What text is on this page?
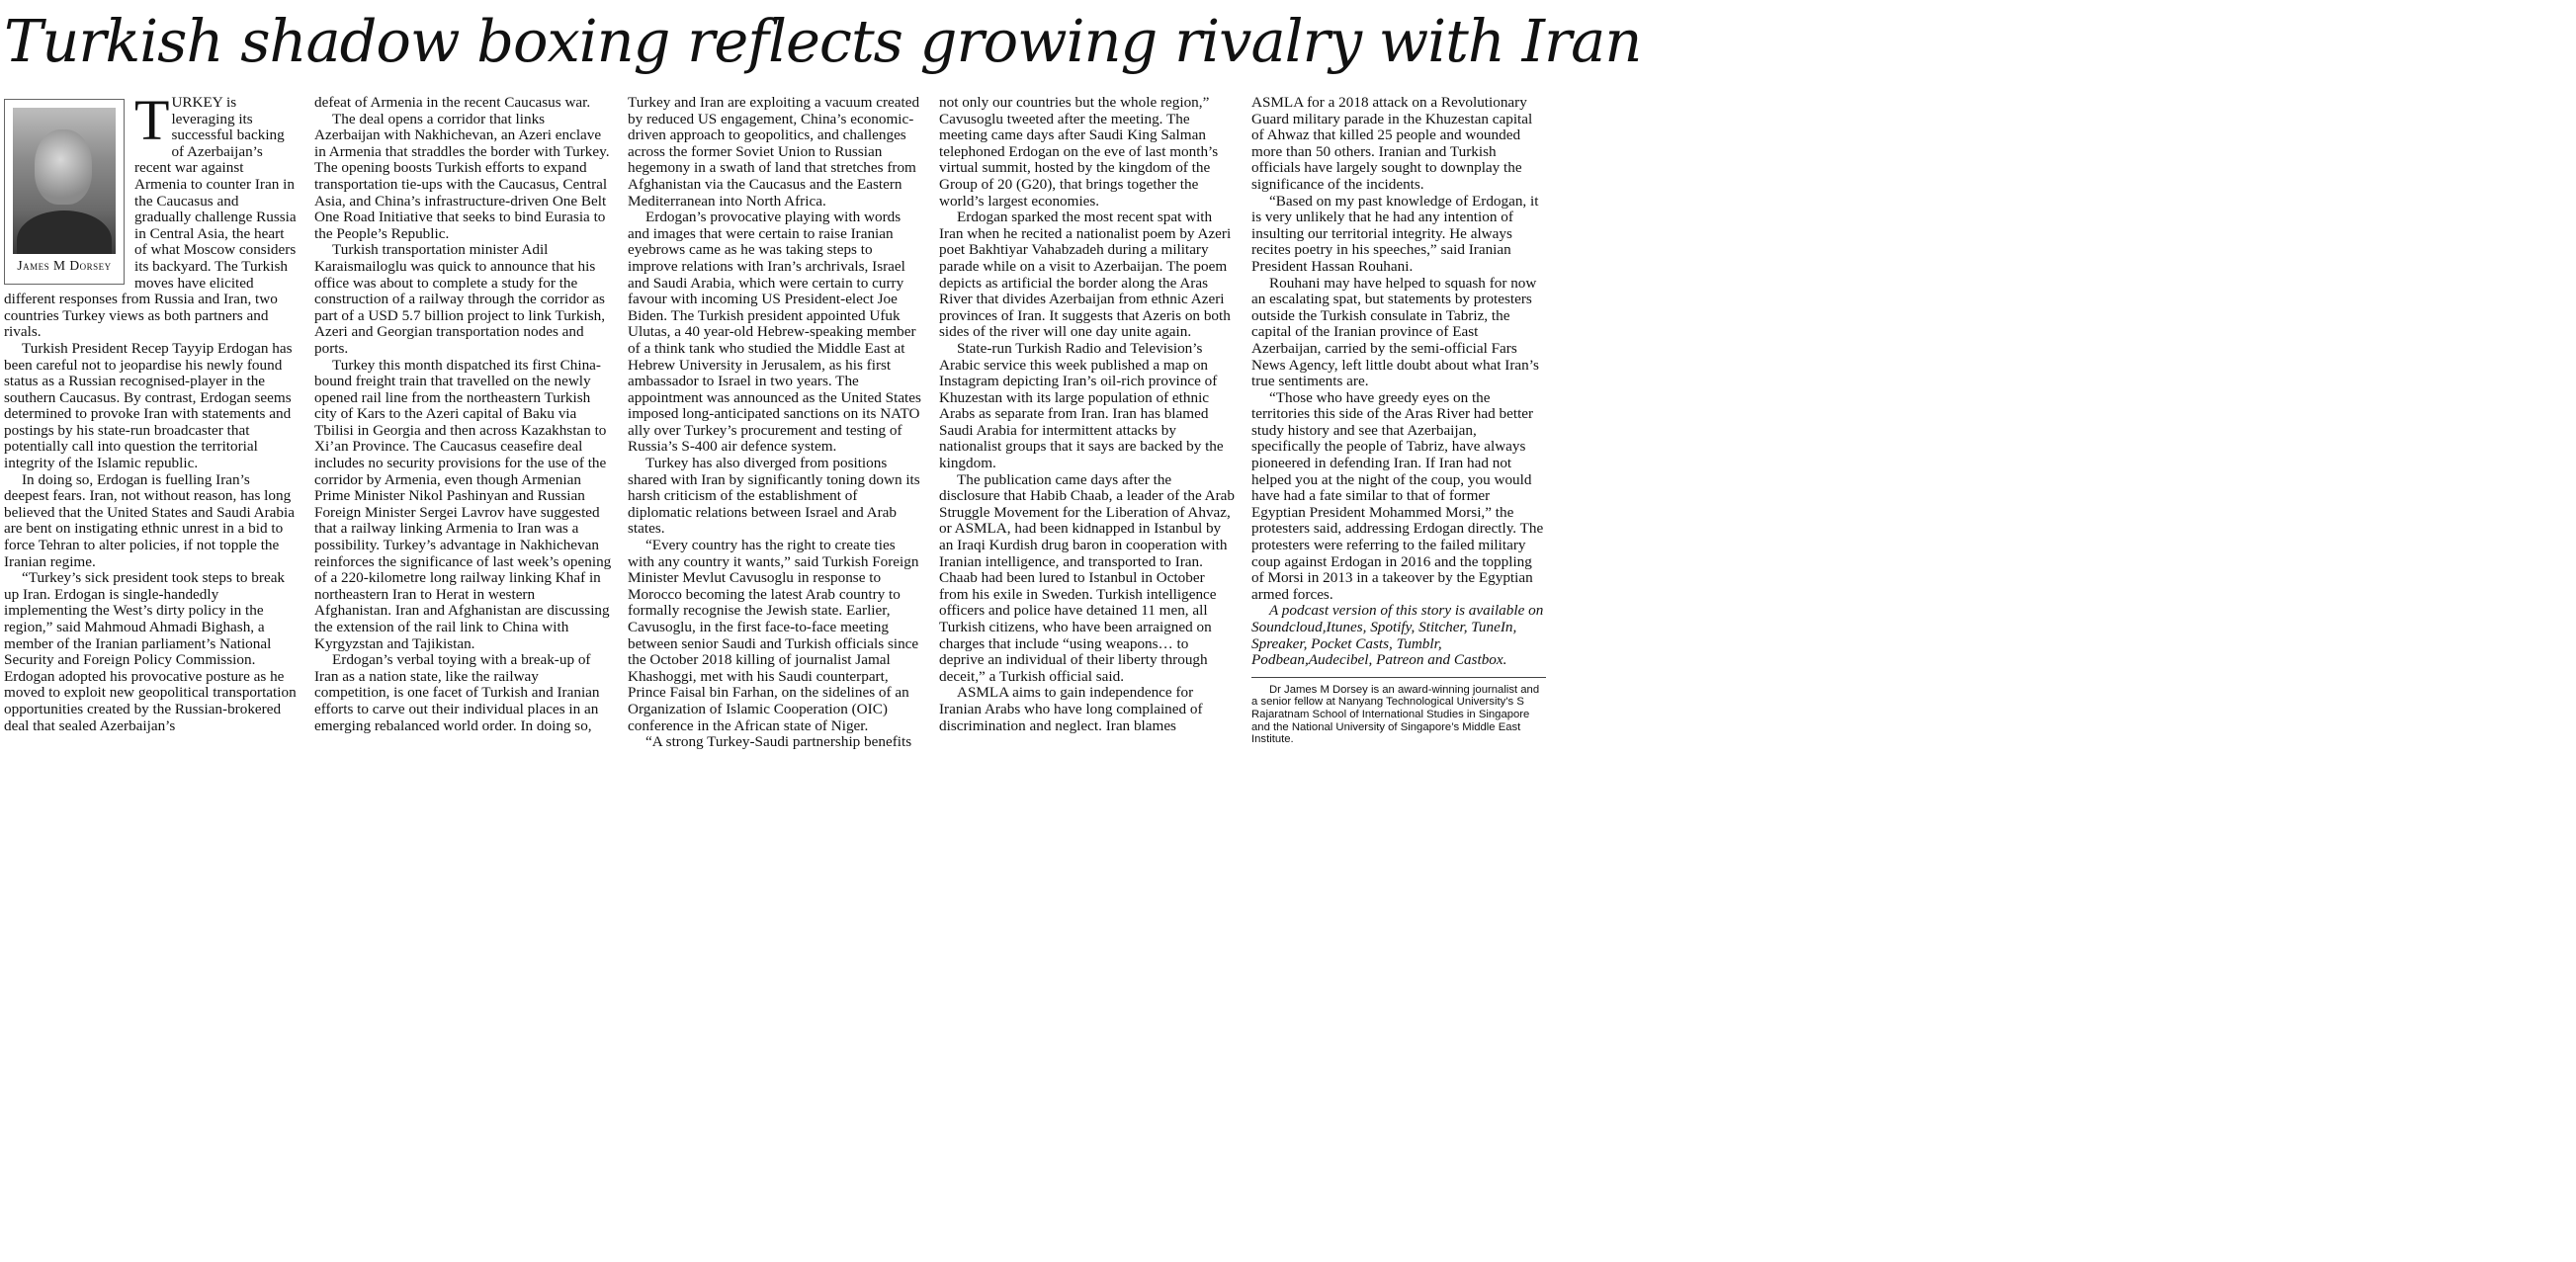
Turkish shadow boxing reflects growing rivalry with Iran
James M Dorsey
T URKEY is leveraging its successful backing of Azerbaijan’s recent war against Armenia to counter Iran in the Caucasus and gradually challenge Russia in Central Asia, the heart of what Moscow considers its backyard. The Turkish moves have elicited different responses from Russia and Iran, two countries Turkey views as both partners and rivals.

Turkish President Recep Tayyip Erdogan has been careful not to jeopardise his newly found status as a Russian recognised-player in the southern Caucasus. By contrast, Erdogan seems determined to provoke Iran with statements and postings by his state-run broadcaster that potentially call into question the territorial integrity of the Islamic republic.

In doing so, Erdogan is fuelling Iran’s deepest fears. Iran, not without reason, has long believed that the United States and Saudi Arabia are bent on instigating ethnic unrest in a bid to force Tehran to alter policies, if not topple the Iranian regime.

“Turkey’s sick president took steps to break up Iran. Erdogan is single-handedly implementing the West’s dirty policy in the region,” said Mahmoud Ahmadi Bighash, a member of the Iranian parliament’s National Security and Foreign Policy Commission. Erdogan adopted his provocative posture as he moved to exploit new geopolitical transportation opportunities created by the Russian-brokered deal that sealed Azerbaijan’s

defeat of Armenia in the recent Caucasus war.

The deal opens a corridor that links Azerbaijan with Nakhichevan, an Azeri enclave in Armenia that straddles the border with Turkey. The opening boosts Turkish efforts to expand transportation tie-ups with the Caucasus, Central Asia, and China’s infrastructure-driven One Belt One Road Initiative that seeks to bind Eurasia to the People’s Republic.

Turkish transportation minister Adil Karaismailoglu was quick to announce that his office was about to complete a study for the construction of a railway through the corridor as part of a USD 5.7 billion project to link Turkish, Azeri and Georgian transportation nodes and ports.

Turkey this month dispatched its first China-bound freight train that travelled on the newly opened rail line from the northeastern Turkish city of Kars to the Azeri capital of Baku via Tbilisi in Georgia and then across Kazakhstan to Xi’an Province. The Caucasus ceasefire deal includes no security provisions for the use of the corridor by Armenia, even though Armenian Prime Minister Nikol Pashinyan and Russian Foreign Minister Sergei Lavrov have suggested that a railway linking Armenia to Iran was a possibility. Turkey’s advantage in Nakhichevan reinforces the significance of last week’s opening of a 220-kilometre long railway linking Khaf in northeastern Iran to Herat in western Afghanistan. Iran and Afghanistan are discussing the extension of the rail link to China with Kyrgyzstan and Tajikistan.

Erdogan’s verbal toying with a break-up of Iran as a nation state, like the railway competition, is one facet of Turkish and Iranian efforts to carve out their individual places in an emerging rebalanced world order. In doing so,

Turkey and Iran are exploiting a vacuum created by reduced US engagement, China’s economic-driven approach to geopolitics, and challenges across the former Soviet Union to Russian hegemony in a swath of land that stretches from Afghanistan via the Caucasus and the Eastern Mediterranean into North Africa.

Erdogan’s provocative playing with words and images that were certain to raise Iranian eyebrows came as he was taking steps to improve relations with Iran’s archrivals, Israel and Saudi Arabia, which were certain to curry favour with incoming US President-elect Joe Biden. The Turkish president appointed Ufuk Ulutas, a 40 year-old Hebrew-speaking member of a think tank who studied the Middle East at Hebrew University in Jerusalem, as his first ambassador to Israel in two years. The appointment was announced as the United States imposed long-anticipated sanctions on its NATO ally over Turkey’s procurement and testing of Russia’s S-400 air defence system.

Turkey has also diverged from positions shared with Iran by significantly toning down its harsh criticism of the establishment of diplomatic relations between Israel and Arab states.

“Every country has the right to create ties with any country it wants,” said Turkish Foreign Minister Mevlut Cavusoglu in response to Morocco becoming the latest Arab country to formally recognise the Jewish state. Earlier, Cavusoglu, in the first face-to-face meeting between senior Saudi and Turkish officials since the October 2018 killing of journalist Jamal Khashoggi, met with his Saudi counterpart, Prince Faisal bin Farhan, on the sidelines of an Organization of Islamic Cooperation (OIC) conference in the African state of Niger.

“A strong Turkey-Saudi partnership benefits

not only our countries but the whole region,” Cavusoglu tweeted after the meeting. The meeting came days after Saudi King Salman telephoned Erdogan on the eve of last month’s virtual summit, hosted by the kingdom of the Group of 20 (G20), that brings together the world’s largest economies.

Erdogan sparked the most recent spat with Iran when he recited a nationalist poem by Azeri poet Bakhtiyar Vahabzadeh during a military parade while on a visit to Azerbaijan. The poem depicts as artificial the border along the Aras River that divides Azerbaijan from ethnic Azeri provinces of Iran. It suggests that Azeris on both sides of the river will one day unite again.

State-run Turkish Radio and Television’s Arabic service this week published a map on Instagram depicting Iran’s oil-rich province of Khuzestan with its large population of ethnic Arabs as separate from Iran. Iran has blamed Saudi Arabia for intermittent attacks by nationalist groups that it says are backed by the kingdom.

The publication came days after the disclosure that Habib Chaab, a leader of the Arab Struggle Movement for the Liberation of Ahvaz, or ASMLA, had been kidnapped in Istanbul by an Iraqi Kurdish drug baron in cooperation with Iranian intelligence, and transported to Iran. Chaab had been lured to Istanbul in October from his exile in Sweden. Turkish intelligence officers and police have detained 11 men, all Turkish citizens, who have been arraigned on charges that include “using weapons… to deprive an individual of their liberty through deceit,” a Turkish official said.

ASMLA aims to gain independence for Iranian Arabs who have long complained of discrimination and neglect. Iran blames

ASMLA for a 2018 attack on a Revolutionary Guard military parade in the Khuzestan capital of Ahwaz that killed 25 people and wounded more than 50 others. Iranian and Turkish officials have largely sought to downplay the significance of the incidents.

“Based on my past knowledge of Erdogan, it is very unlikely that he had any intention of insulting our territorial integrity. He always recites poetry in his speeches,” said Iranian President Hassan Rouhani.

Rouhani may have helped to squash for now an escalating spat, but statements by protesters outside the Turkish consulate in Tabriz, the capital of the Iranian province of East Azerbaijan, carried by the semi-official Fars News Agency, left little doubt about what Iran’s true sentiments are.

“Those who have greedy eyes on the territories this side of the Aras River had better study history and see that Azerbaijan, specifically the people of Tabriz, have always pioneered in defending Iran. If Iran had not helped you at the night of the coup, you would have had a fate similar to that of former Egyptian President Mohammed Morsi,” the protesters said, addressing Erdogan directly. The protesters were referring to the failed military coup against Erdogan in 2016 and the toppling of Morsi in 2013 in a takeover by the Egyptian armed forces.

A podcast version of this story is available on Soundcloud,Itunes, Spotify, Stitcher, TuneIn, Spreaker, Pocket Casts, Tumblr, Podbean,Audecibel, Patreon and Castbox.

Dr James M Dorsey is an award-winning journalist and a senior fellow at Nanyang Technological University’s S Rajaratnam School of International Studies in Singapore and the National University of Singapore’s Middle East Institute.
